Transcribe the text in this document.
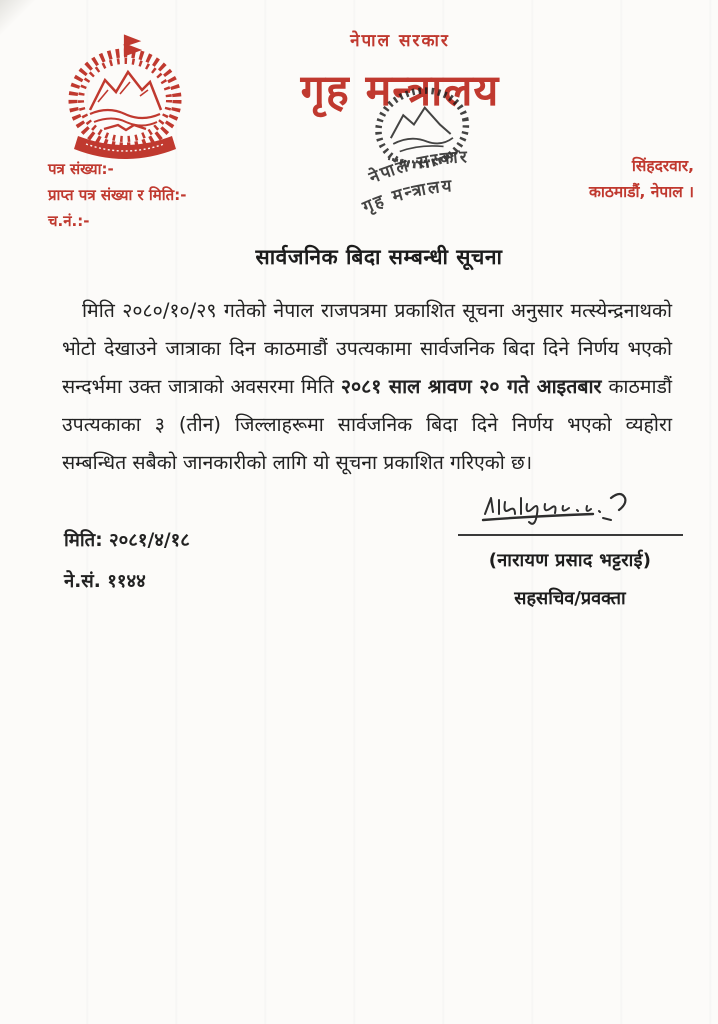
नेपाल सरकार
गृह मन्त्रालय
नेपाल सरकार
गृह मन्त्रालय
पत्र संख्या:-
प्राप्त पत्र संख्या र मिति:-
च.नं.:-
सिंहदरवार,
काठमाडौं, नेपाल ।
सार्वजनिक बिदा सम्बन्धी सूचना
मिति २०८०/१०/२९ गतेको नेपाल राजपत्रमा प्रकाशित सूचना अनुसार मत्स्येन्द्रनाथको भोटो देखाउने जात्राका दिन काठमाडौं उपत्यकामा सार्वजनिक बिदा दिने निर्णय भएको सन्दर्भमा उक्त जात्राको अवसरमा मिति २०८१ साल श्रावण २० गते आइतबार काठमाडौं उपत्यकाका ३ (तीन) जिल्लाहरूमा सार्वजनिक बिदा दिने निर्णय भएको व्यहोरा सम्बन्धित सबैको जानकारीको लागि यो सूचना प्रकाशित गरिएको छ।
(नारायण प्रसाद भट्टराई)
सहसचिव/प्रवक्ता
मिति: २०८१/४/१८
ने.सं. ११४४
